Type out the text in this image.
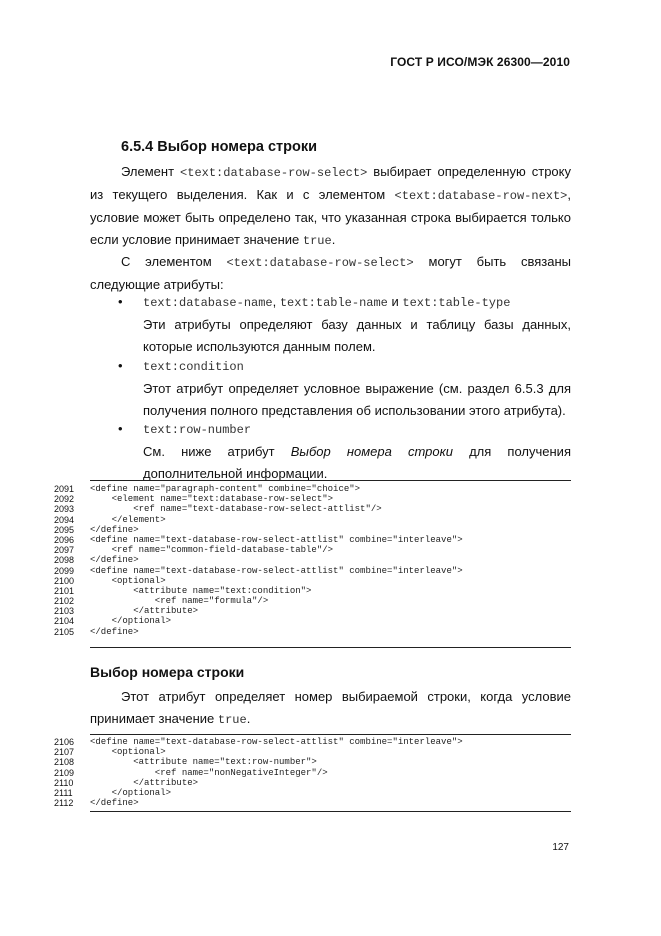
ГОСТ Р ИСО/МЭК 26300—2010
6.5.4 Выбор номера строки
Элемент <text:database-row-select> выбирает определенную строку из текущего выделения. Как и с элементом <text:database-row-next>, условие может быть определено так, что указанная строка выбирается только если условие принимает значение true.
С элементом <text:database-row-select> могут быть связаны
следующие атрибуты:
• text:database-name, text:table-name и text:table-type
Эти атрибуты определяют базу данных и таблицу базы данных, которые используются данным полем.
• text:condition
Этот атрибут определяет условное выражение (см. раздел 6.5.3 для получения полного представления об использовании этого атрибута).
• text:row-number
См. ниже атрибут Выбор номера строки для получения дополнительной информации.
2091	<define name="paragraph-content" combine="choice">
2092	<element name="text:database-row-select">
2093	<ref name="text-database-row-select-attlist"/>
2094	</element>
2095	</define>
2096	<define name="text-database-row-select-attlist" combine="interleave">
2097	<ref name="common-field-database-table"/>
2098	</define>
2099	<define name="text-database-row-select-attlist" combine="interleave">
2100	<optional>
2101	<attribute name="text:condition">
2102	<ref name="formula"/>
2103	</attribute>
2104	</optional>
2105	</define>
Выбор номера строки
Этот атрибут определяет номер выбираемой строки, когда условие принимает значение true.
2106	<define name="text-database-row-select-attlist" combine="interleave">
2107	<optional>
2108	<attribute name="text:row-number">
2109	<ref name="nonNegativeInteger"/>
2110	</attribute>
2111	</optional>
2112	</define>
127
